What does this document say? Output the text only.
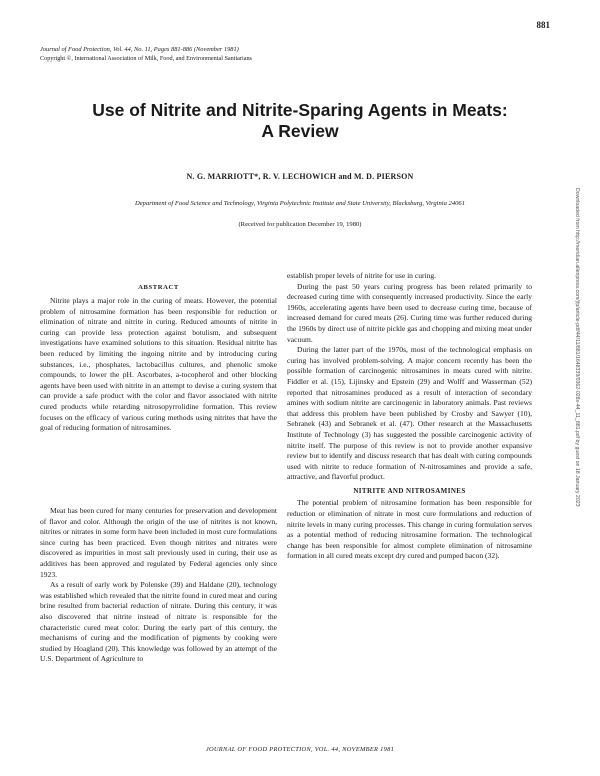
881
Journal of Food Protection, Vol. 44, No. 11, Pages 881-886 (November 1981)
Copyright ©, International Association of Milk, Food, and Environmental Sanitarians
Use of Nitrite and Nitrite-Sparing Agents in Meats:
A Review
N. G. MARRIOTT*, R. V. LECHOWICH and M. D. PIERSON
Department of Food Science and Technology, Virginia Polytechnic Institute and State University, Blacksburg, Virginia 24061
(Received for publication December 19, 1980)	Downloaded from http://meridian.allenpress.com/jfp/article-pdf/44/11/881/1648339/0362-028x-44_11_881.pdf by guest on 18 January 2023
ABSTRACT

Nitrite plays a major role in the curing of meats. However, the potential problem of nitrosamine formation has been responsible for reduction or elimination of nitrate and nitrite in curing. Reduced amounts of nitrite in curing can provide less protection against botulism, and subsequent investigations have examined solutions to this situation. Residual nitrite has been reduced by limiting the ingoing nitrite and by introducing curing substances, i.e., phosphates, lactobacillus cultures, and phenolic smoke compounds, to lower the pH. Ascorbates, a-tocopherol and other blocking agents have been used with nitrite in an attempt to devise a curing system that can provide a safe product with the color and flavor associated with nitrite cured products while retarding nitrosopyrrolidine formation. This review focuses on the efficacy of various curing methods using nitrites that have the goal of reducing formation of nitrosamines.

Meat has been cured for many centuries for preservation and development of flavor and color. Although the origin of the use of nitrites is not known, nitrites or nitrates in some form have been included in most cure formulations since curing has been practiced. Even though nitrites and nitrates were discovered as impurities in most salt previously used in curing, their use as additives has been approved and regulated by Federal agencies only since 1923.

As a result of early work by Polenske (39) and Haldane (20), technology was established which revealed that the nitrite found in cured meat and curing brine resulted from bacterial reduction of nitrate. During this century, it was also discovered that nitrite instead of nitrate is responsible for the characteristic cured meat color. During the early part of this century, the mechanisms of curing and the modification of pigments by cooking were studied by Hoagland (20). This knowledge was followed by an attempt of the U.S. Department of Agriculture to

establish proper levels of nitrite for use in curing.

During the past 50 years curing progress has been related primarily to decreased curing time with consequently increased productivity. Since the early 1960s, accelerating agents have been used to decrease curing time, because of increased demand for cured meats (26). Curing time was further reduced during the 1960s by direct use of nitrite pickle gas and chopping and mixing meat under vacuum.

During the latter part of the 1970s, most of the technological emphasis on curing has involved problem-solving. A major concern recently has been the possible formation of carcinogenic nitrosamines in meats cured with nitrite. Fiddler et al. (15), Lijinsky and Epstein (29) and Wolff and Wasserman (52) reported that nitrosamines produced as a result of interaction of secondary amines with sodium nitrite are carcinogenic in laboratory animals. Past reviews that address this problem have been published by Crosby and Sawyer (10), Sebranek (43) and Sebranek et al. (47). Other research at the Massachusetts Institute of Technology (3) has suggested the possible carcinogenic activity of nitrite itself. The purpose of this review is not to provide another expansive review but to identify and discuss research that has dealt with curing compounds used with nitrite to reduce formation of N-nitrosamines and provide a safe, attractive, and flavorful product.

NITRITE AND NITROSAMINES

The potential problem of nitrosamine formation has been responsible for reduction or elimination of nitrate in most cure formulations and reduction of nitrite levels in many curing processes. This change in curing formulation serves as a potential method of reducing nitrosamine formation. The technological change has been responsible for almost complete elimination of nitrosamine formation in all cured meats except dry cured and pumped bacon (32).

JOURNAL OF FOOD PROTECTION, VOL. 44, NOVEMBER 1981
